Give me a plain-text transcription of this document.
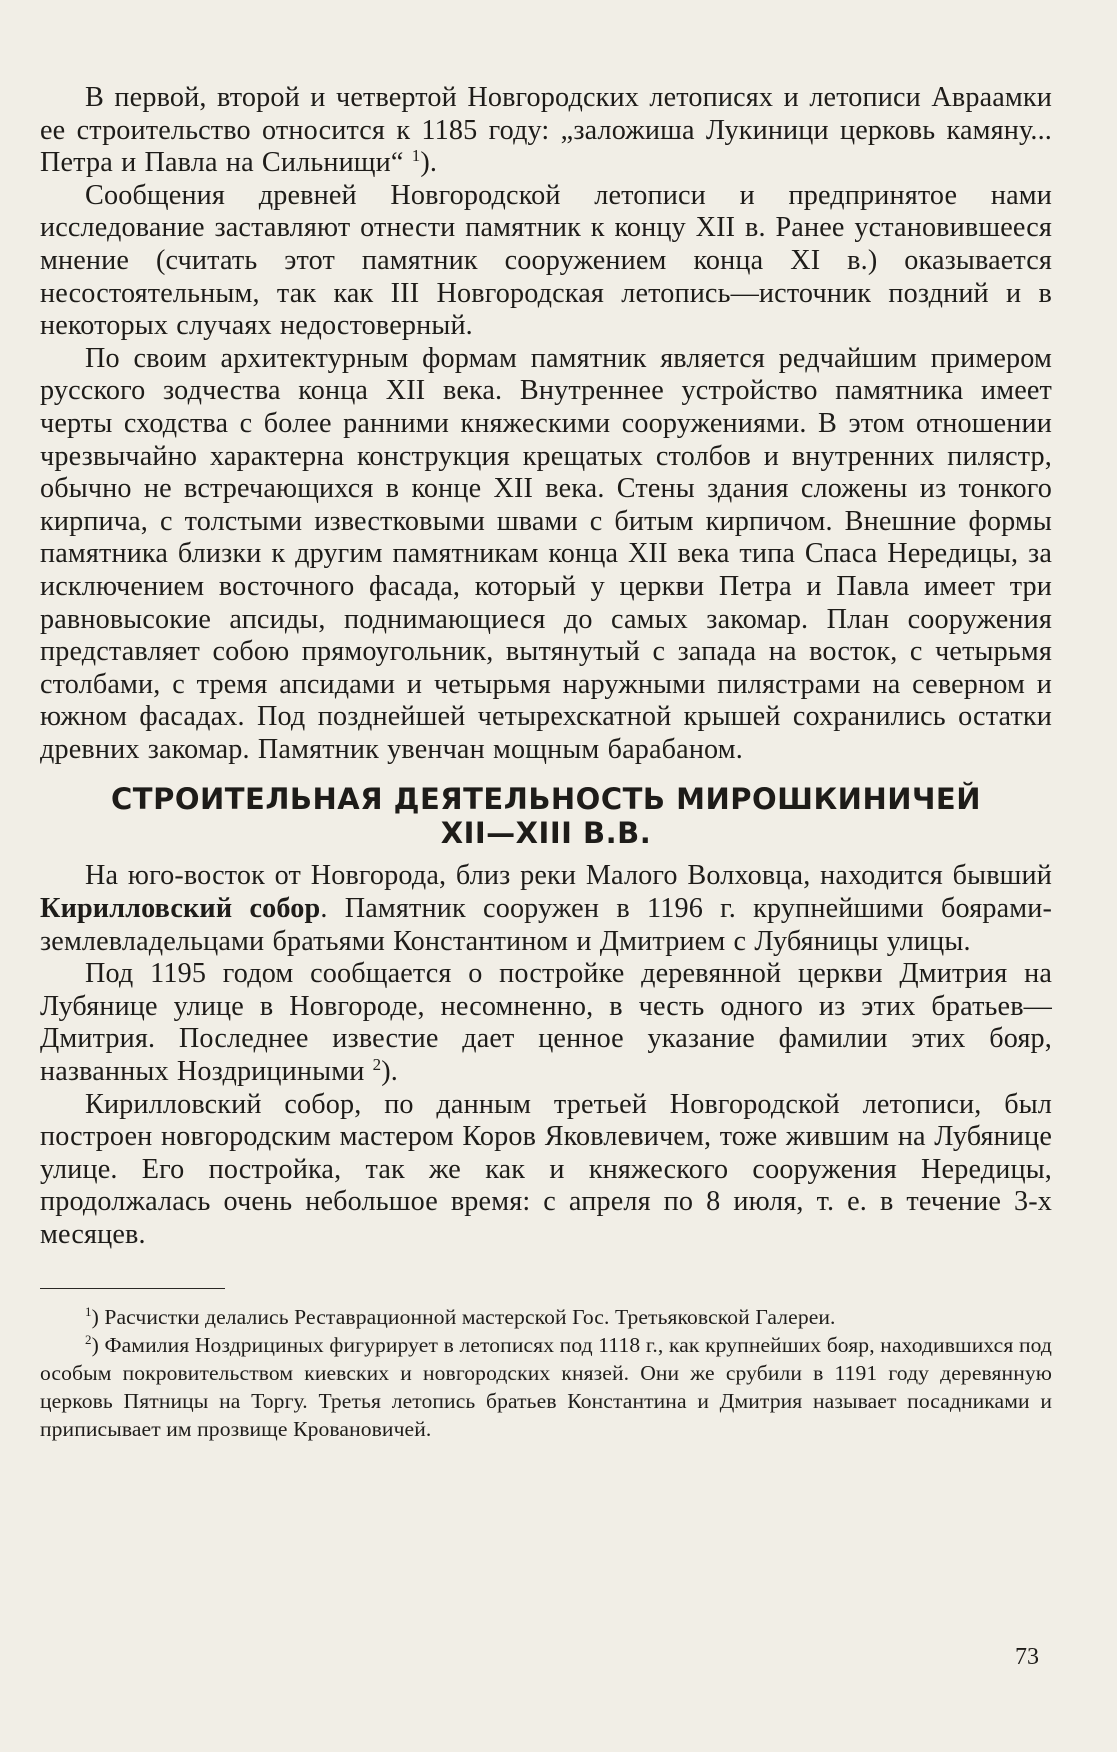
В первой, второй и четвертой Новгородских летописях и летописи Авраамки ее строительство относится к 1185 году: „заложиша Лукиници церковь камяну... Петра и Павла на Сильнищи“ $^1$).

Сообщения древней Новгородской летописи и предпринятое нами исследование заставляют отнести памятник к концу XII в. Ранее установившееся мнение (считать этот памятник сооружением конца XI в.) оказывается несостоятельным, так как III Новгородская летопись—источник поздний и в некоторых случаях недостоверный.

По своим архитектурным формам памятник является редчайшим примером русского зодчества конца XII века. Внутреннее устройство памятника имеет черты сходства с более ранними княжескими сооружениями. В этом отношении чрезвычайно характерна конструкция крещатых столбов и внутренних пилястр, обычно не встречающихся в конце XII века. Стены здания сложены из тонкого кирпича, с толстыми известковыми швами с битым кирпичом. Внешние формы памятника близки к другим памятникам конца XII века типа Спаса Нередицы, за исключением восточного фасада, который у церкви Петра и Павла имеет три равновысокие апсиды, поднимающиеся до самых закомар. План сооружения представляет собою прямоугольник, вытянутый с запада на восток, с четырьмя столбами, с тремя апсидами и четырьмя наружными пилястрами на северном и южном фасадах. Под позднейшей четырехскатной крышей сохранились остатки древних закомар. Памятник увенчан мощным барабаном.

СТРОИТЕЛЬНАЯ ДЕЯТЕЛЬНОСТЬ МИРОШКИНИЧЕЙ
XII—XIII В.В.

На юго-восток от Новгорода, близ реки Малого Волховца, находится бывший Кирилловский собор. Памятник сооружен в 1196 г. крупнейшими боярами-землевладельцами братьями Константином и Дмитрием с Лубяницы улицы.

Под 1195 годом сообщается о постройке деревянной церкви Дмитрия на Лубянице улице в Новгороде, несомненно, в честь одного из этих братьев—Дмитрия. Последнее известие дает ценное указание фамилии этих бояр, названных Ноздрициными $^2$).

Кирилловский собор, по данным третьей Новгородской летописи, был построен новгородским мастером Коров Яковлевичем, тоже жившим на Лубянице улице. Его постройка, так же как и княжеского сооружения Нередицы, продолжалась очень небольшое время: с апреля по 8 июля, т. е. в течение 3-х месяцев.

$^1$) Расчистки делались Реставрационной мастерской Гос. Третьяковской Галереи.

$^2$) Фамилия Ноздрициных фигурирует в летописях под 1118 г., как крупнейших бояр, находившихся под особым покровительством киевских и новгородских князей. Они же срубили в 1191 году деревянную церковь Пятницы на Торгу. Третья летопись братьев Константина и Дмитрия называет посадниками и приписывает им прозвище Кровановичей.

73
